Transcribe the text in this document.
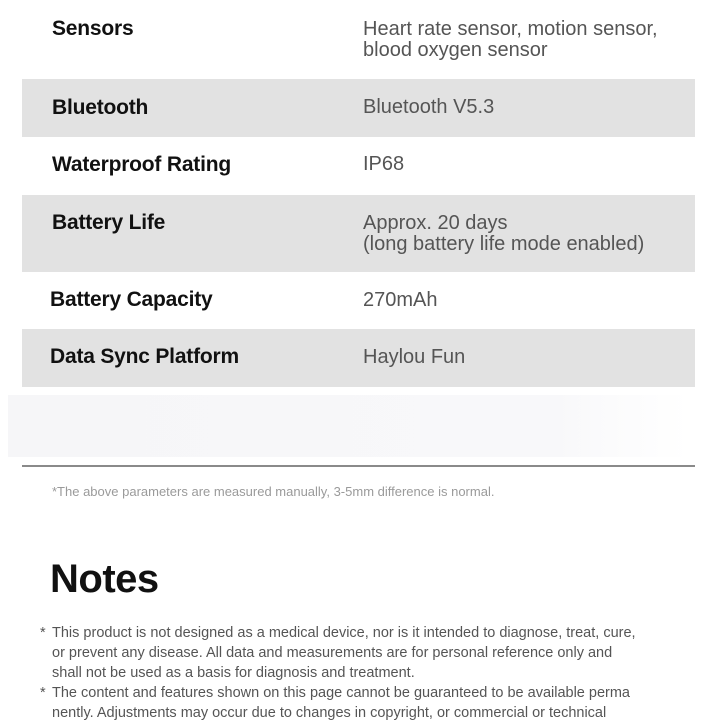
Sensors	Heart rate sensor, motion sensor,
blood oxygen sensor
Bluetooth	Bluetooth V5.3
Waterproof Rating	IP68
Battery Life	Approx. 20 days
(long battery life mode enabled)
Battery Capacity	270mAh
Data Sync Platform	Haylou Fun
*The above parameters are measured manually, 3-5mm difference is normal.
Notes
* This product is not designed as a medical device, nor is it intended to diagnose, treat, cure,
or prevent any disease. All data and measurements are for personal reference only and
shall not be used as a basis for diagnosis and treatment.
* The content and features shown on this page cannot be guaranteed to be available perma
nently. Adjustments may occur due to changes in copyright, or commercial or technical
